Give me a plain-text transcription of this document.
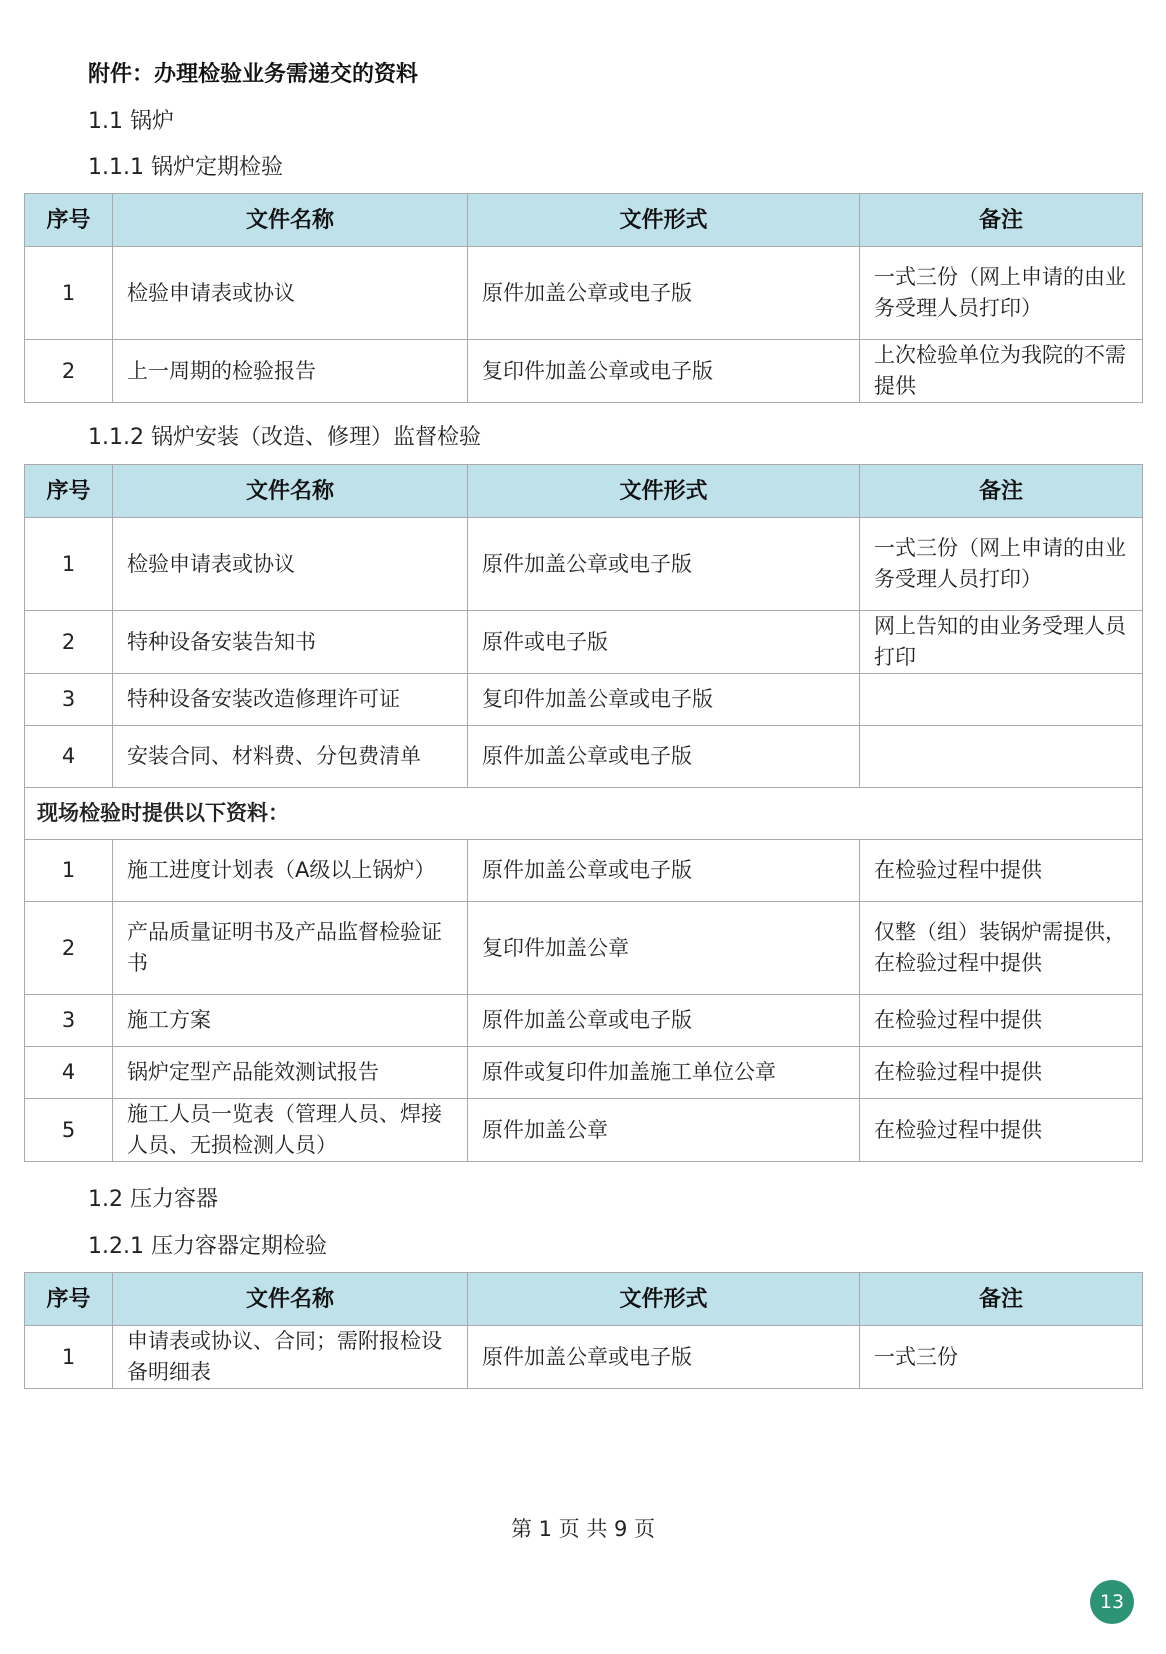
附件：办理检验业务需递交的资料
1.1 锅炉
1.1.1 锅炉定期检验
序号	文件名称	文件形式	备注
1	检验申请表或协议	原件加盖公章或电子版	一式三份（网上申请的由业务受理人员打印）
2	上一周期的检验报告	复印件加盖公章或电子版	上次检验单位为我院的不需提供
1.1.2 锅炉安装（改造、修理）监督检验
序号	文件名称	文件形式	备注
1	检验申请表或协议	原件加盖公章或电子版	一式三份（网上申请的由业务受理人员打印）
2	特种设备安装告知书	原件或电子版	网上告知的由业务受理人员打印
3	特种设备安装改造修理许可证	复印件加盖公章或电子版	
4	安装合同、材料费、分包费清单	原件加盖公章或电子版	
现场检验时提供以下资料：			
1	施工进度计划表（A级以上锅炉）	原件加盖公章或电子版	在检验过程中提供
2	产品质量证明书及产品监督检验证书	复印件加盖公章	仅整（组）装锅炉需提供，在检验过程中提供
3	施工方案	原件加盖公章或电子版	在检验过程中提供
4	锅炉定型产品能效测试报告	原件或复印件加盖施工单位公章	在检验过程中提供
5	施工人员一览表（管理人员、焊接人员、无损检测人员）	原件加盖公章	在检验过程中提供
1.2 压力容器
1.2.1 压力容器定期检验
序号	文件名称	文件形式	备注
1	申请表或协议、合同；需附报检设备明细表	原件加盖公章或电子版	一式三份
第 1 页 共 9 页
13
